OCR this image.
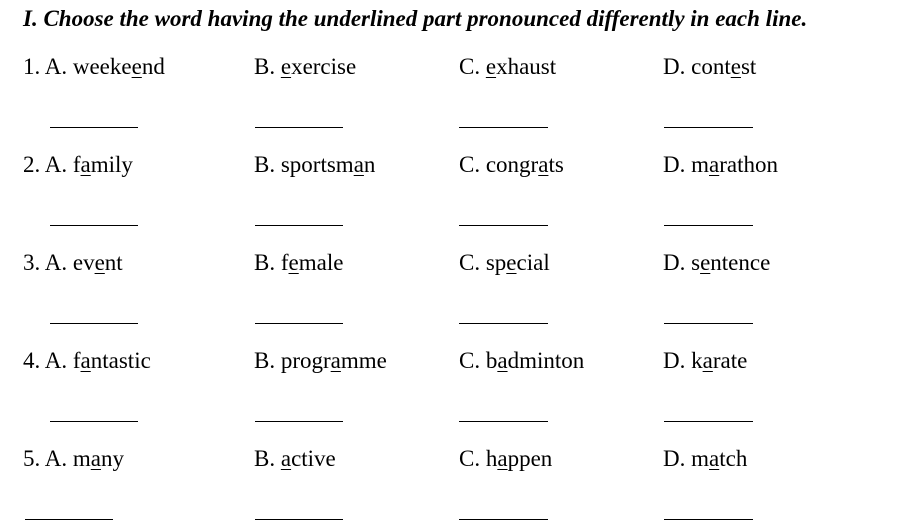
I. Choose the word having the underlined part pronounced differently in each line.
1. A. weekeend	B. exercise	C. exhaust	D. contest
2. A. family	B. sportsman	C. congrats	D. marathon
3. A. event	B. female	C. special	D. sentence
4. A. fantastic	B. programme	C. badminton	D. karate
5. A. many	B. active	C. happen	D. match
